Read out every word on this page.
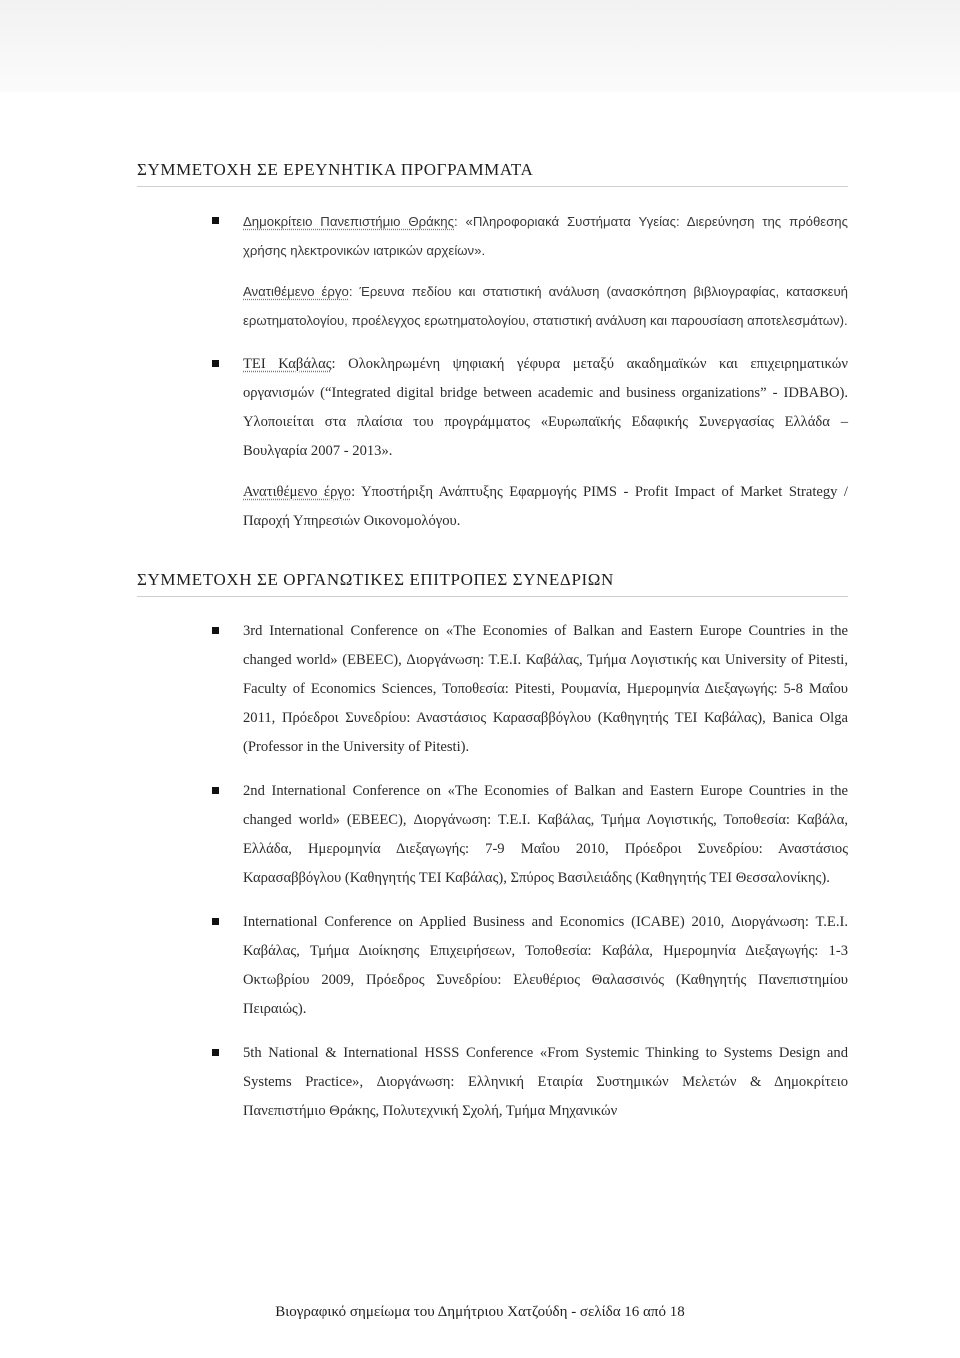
ΣΥΜΜΕΤΟΧΗ ΣΕ ΕΡΕΥΝΗΤΙΚΑ ΠΡΟΓΡΑΜΜΑΤΑ

Δημοκρίτειο Πανεπιστήμιο Θράκης: «Πληροφοριακά Συστήματα Υγείας: Διερεύνηση της πρόθεσης χρήσης ηλεκτρονικών ιατρικών αρχείων».

Ανατιθέμενο έργο: Έρευνα πεδίου και στατιστική ανάλυση (ανασκόπηση βιβλιογραφίας, κατασκευή ερωτηματολογίου, προέλεγχος ερωτηματολογίου, στατιστική ανάλυση και παρουσίαση αποτελεσμάτων).

ΤΕΙ Καβάλας: Ολοκληρωμένη ψηφιακή γέφυρα μεταξύ ακαδημαϊκών και επιχειρηματικών οργανισμών (“Integrated digital bridge between academic and business organizations” - IDBABO). Υλοποιείται στα πλαίσια του προγράμματος «Ευρωπαϊκής Εδαφικής Συνεργασίας Ελλάδα – Βουλγαρία 2007 - 2013».

Ανατιθέμενο έργο: Υποστήριξη Ανάπτυξης Εφαρμογής PIMS - Profit Impact of Market Strategy / Παροχή Υπηρεσιών Οικονομολόγου.

ΣΥΜΜΕΤΟΧΗ ΣΕ ΟΡΓΑΝΩΤΙΚΕΣ ΕΠΙΤΡΟΠΕΣ ΣΥΝΕΔΡΙΩΝ

3rd International Conference on «The Economies of Balkan and Eastern Europe Countries in the changed world» (EBEEC), Διοργάνωση: Τ.Ε.Ι. Καβάλας, Τμήμα Λογιστικής και University of Pitesti, Faculty of Economics Sciences, Τοποθεσία: Pitesti, Ρουμανία, Ημερομηνία Διεξαγωγής: 5-8 Μαΐου 2011, Πρόεδροι Συνεδρίου: Αναστάσιος Καρασαββόγλου (Καθηγητής ΤΕΙ Καβάλας), Banica Olga (Professor in the University of Pitesti).

2nd International Conference on «The Economies of Balkan and Eastern Europe Countries in the changed world» (EBEEC), Διοργάνωση: Τ.Ε.Ι. Καβάλας, Τμήμα Λογιστικής, Τοποθεσία: Καβάλα, Ελλάδα, Ημερομηνία Διεξαγωγής: 7-9 Μαΐου 2010, Πρόεδροι Συνεδρίου: Αναστάσιος Καρασαββόγλου (Καθηγητής ΤΕΙ Καβάλας), Σπύρος Βασιλειάδης (Καθηγητής ΤΕΙ Θεσσαλονίκης).

International Conference on Applied Business and Economics (ICABE) 2010, Διοργάνωση: Τ.Ε.Ι. Καβάλας, Τμήμα Διοίκησης Επιχειρήσεων, Τοποθεσία: Καβάλα, Ημερομηνία Διεξαγωγής: 1-3 Οκτωβρίου 2009, Πρόεδρος Συνεδρίου: Ελευθέριος Θαλασσινός (Καθηγητής Πανεπιστημίου Πειραιώς).

5th National & International HSSS Conference «From Systemic Thinking to Systems Design and Systems Practice», Διοργάνωση: Ελληνική Εταιρία Συστημικών Μελετών & Δημοκρίτειο Πανεπιστήμιο Θράκης, Πολυτεχνική Σχολή, Τμήμα Μηχανικών

Βιογραφικό σημείωμα του Δημήτριου Χατζούδη - σελίδα 16 από 18
